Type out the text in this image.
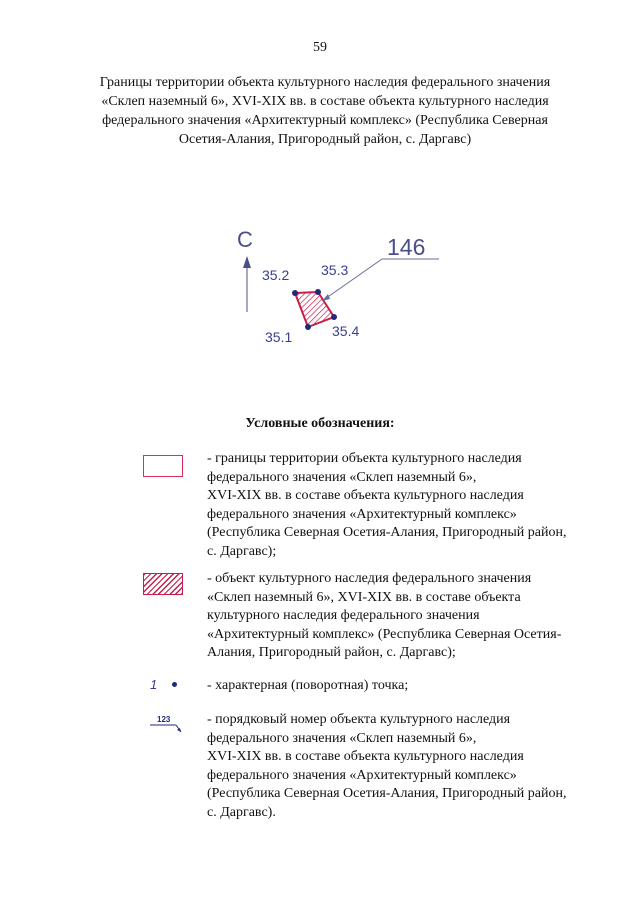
59
Границы территории объекта культурного наследия федерального значения
«Склеп наземный 6», XVI-XIX вв. в составе объекта культурного наследия
федерального значения «Архитектурный комплекс» (Республика Северная
Осетия-Алания, Пригородный район, с. Даргавс)
С	146
35.2 35.3
35.4
35.1
Условные обозначения:
- границы территории объекта культурного наследия
федерального значения «Склеп наземный 6»,
XVI-XIX вв. в составе объекта культурного наследия
федерального значения «Архитектурный комплекс»
(Республика Северная Осетия-Алания, Пригородный район,
с. Даргавс);
- объект культурного наследия федерального значения
«Склеп наземный 6», XVI-XIX вв. в составе объекта
культурного наследия федерального значения
«Архитектурный комплекс» (Республика Северная Осетия-
Алания, Пригородный район, с. Даргавс);
1	- характерная (поворотная) точка;
123	- порядковый номер объекта культурного наследия
федерального значения «Склеп наземный 6»,
XVI-XIX вв. в составе объекта культурного наследия
федерального значения «Архитектурный комплекс»
(Республика Северная Осетия-Алания, Пригородный район,
с. Даргавс).
